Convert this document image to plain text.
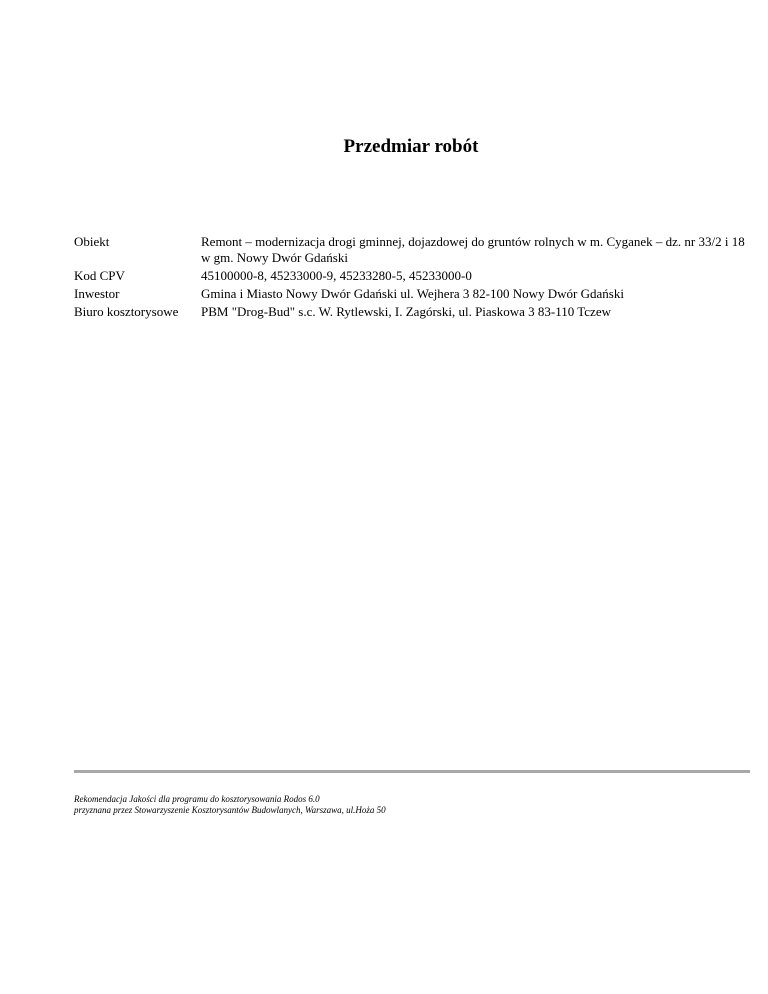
Przedmiar robót
Obiekt	Remont – modernizacja drogi gminnej, dojazdowej do gruntów rolnych w m. Cyganek – dz. nr 33/2 i 18 w gm. Nowy Dwór Gdański
Kod CPV	45100000-8, 45233000-9, 45233280-5, 45233000-0
Inwestor	Gmina i Miasto Nowy Dwór Gdański ul. Wejhera 3 82-100 Nowy Dwór Gdański
Biuro kosztorysowe	PBM "Drog-Bud" s.c. W. Rytlewski, I. Zagórski, ul. Piaskowa 3 83-110 Tczew
Rekomendacja Jakości dla programu do kosztorysowania Rodos 6.0
przyznana przez Stowarzyszenie Kosztorysantów Budowlanych, Warszawa, ul.Hoża 50
